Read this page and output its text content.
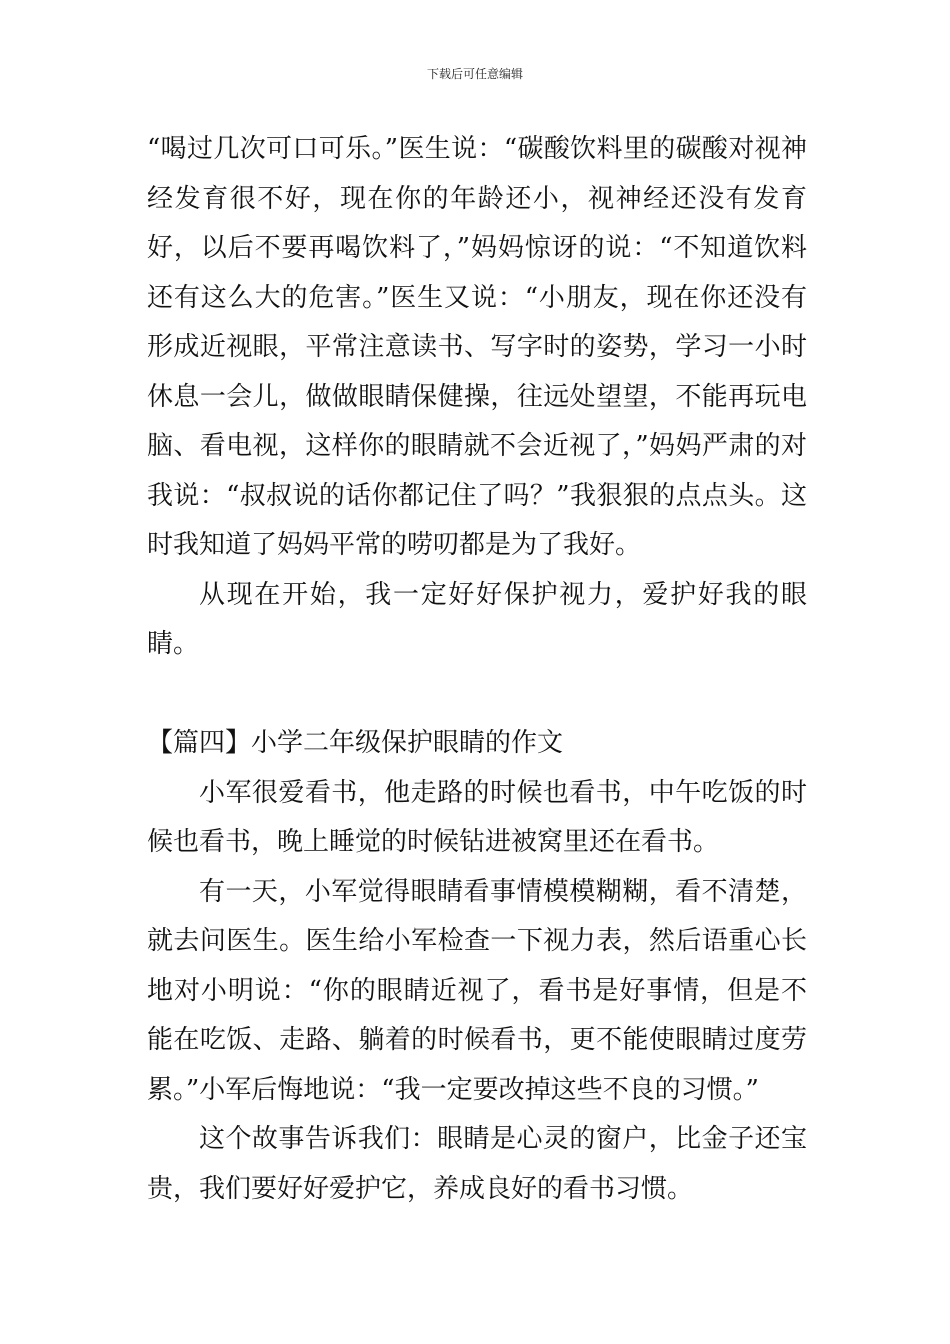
下载后可任意编辑

“喝过几次可口可乐。”医生说：“碳酸饮料里的碳酸对视神经发育很不好，现在你的年龄还小，视神经还没有发育好，以后不要再喝饮料了，”妈妈惊讶的说：“不知道饮料还有这么大的危害。”医生又说：“小朋友，现在你还没有形成近视眼，平常注意读书、写字时的姿势，学习一小时休息一会儿，做做眼睛保健操，往远处望望，不能再玩电脑、看电视，这样你的眼睛就不会近视了，”妈妈严肃的对我说：“叔叔说的话你都记住了吗？”我狠狠的点点头。这时我知道了妈妈平常的唠叨都是为了我好。

从现在开始，我一定好好保护视力，爱护好我的眼睛。

【篇四】小学二年级保护眼睛的作文

小军很爱看书，他走路的时候也看书，中午吃饭的时候也看书，晚上睡觉的时候钻进被窝里还在看书。

有一天，小军觉得眼睛看事情模模糊糊，看不清楚，就去问医生。医生给小军检查一下视力表，然后语重心长地对小明说：“你的眼睛近视了，看书是好事情，但是不能在吃饭、走路、躺着的时候看书，更不能使眼睛过度劳累。”小军后悔地说：“我一定要改掉这些不良的习惯。”

这个故事告诉我们：眼睛是心灵的窗户，比金子还宝贵，我们要好好爱护它，养成良好的看书习惯。
